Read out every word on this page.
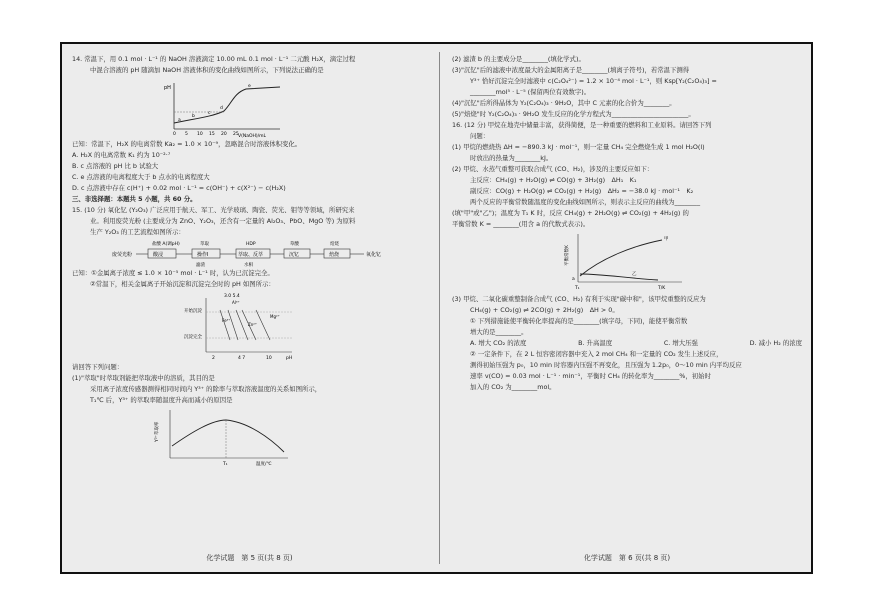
14. 常温下，用 0.1 mol · L⁻¹ 的 NaOH 溶液滴定 10.00 mL 0.1 mol · L⁻¹ 二元酸 H₂X，滴定过程
中混合溶液的 pH 随滴加 NaOH 溶液体积的变化曲线如图所示，下列说法正确的是
pH
V(NaOH)/mL
0 5 10 15 20 25
a
b
c
d
e
已知：常温下，H₂X 的电离常数 Ka₂ = 1.0 × 10⁻⁹，忽略混合时溶液体积变化。
A. H₂X 的电离常数 K₁ 约为 10⁻²·⁷
B. c 点溶液的 pH 比 b 试验大
C. e 点溶液的电离程度大于 b 点水的电离程度大
D. c 点溶液中存在 c(H⁺) + 0.02 mol · L⁻¹ = c(OH⁻) + c(X²⁻) − c(H₂X)
三、非选择题：本题共 5 小题，共 60 分。
15. (10 分) 氧化钇 (Y₂O₃) 广泛应用于航天、军工、光学玻璃、陶瓷、荧光、钼等等领域，所研究来
业。利用废荧光粉 (主要成分为 ZnO、Y₂O₃，还含有一定量的 Al₂O₃、PbO、MgO 等) 为原料
生产 Y₂O₃ 的工艺流程如图所示：
废荧光粉	酸浸	操作I	萃取、反萃	沉钇	焙烧	氧化钇
盐酸 A(调pH)	萃取	HDP	草酸	焙烧
滤渣	水相
已知：①金属离子浓度 ≤ 1.0 × 10⁻⁵ mol · L⁻¹ 时，认为已沉淀完全。
②常温下，相关金属离子开始沉淀和沉淀完全时的 pH 如图所示：
3.0 5.4
开始沉淀
沉淀完全
Fe³⁺
Al³⁺
Zn²⁺
Mg²⁺
2	4 7	10	pH
请回答下列问题：
(1)"萃取"时萃取剂能把萃取液中的溶质，其目的是
采用离子浓度传感器测得相同时间内 Y³⁺ 的除率与萃取溶液温度的关系如图所示，
T₁℃ 后，Y³⁺ 的萃取率随温度升高而减小的原因是
Y³⁺萃取率
T₁	温度/℃
化学试题　第 5 页(共 8 页)
(2) 滤渣 b 的主要成分是________(填化学式)。
(3)"沉钇"后的滤液中浓度最大的金属阳离子是________(填离子符号)，若常温下测得
Y³⁺ 恰好沉淀完全时滤液中 c(C₂O₄²⁻) = 1.2 × 10⁻⁴ mol · L⁻¹，则 Ksp[Y₂(C₂O₄)₃] =
________mol⁵ · L⁻⁵ (保留两位有效数字)。
(4)"沉钇"后所得晶体为 Y₂(C₂O₄)₃ · 9H₂O，其中 C 元素的化合价为________。
(5)"焙烧"时 Y₂(C₂O₄)₃ · 9H₂O 发生反应的化学方程式为________________________。
16. (12 分) 甲烷在地壳中储量丰富，获得简便，是一种重要的燃料和工业原料。请回答下列
问题：
(1) 甲烷的燃烧热 ΔH = −890.3 kJ · mol⁻¹，则一定量 CH₄ 完全燃烧生成 1 mol H₂O(l)
时放出的热量为________kJ。
(2) 甲烷、水蒸气重整可获取合成气 (CO、H₂)，涉及的主要反应如下：
主反应：CH₄(g) + H₂O(g) ⇌ CO(g) + 3H₂(g)　ΔH₁　K₁
副反应：CO(g) + H₂O(g) ⇌ CO₂(g) + H₂(g)　ΔH₂ = −38.0 kJ · mol⁻¹　K₂
两个反应的平衡常数随温度的变化曲线如图所示，则表示主反应的曲线为________
(填"甲"或"乙")；温度为 T₁ K 时，反应 CH₄(g) + 2H₂O(g) ⇌ CO₂(g) + 4H₂(g) 的
平衡常数 K = ________(用含 a 的代数式表示)。
甲
乙
平衡常数K
T₁
a
T/K
(3) 甲烷、二氧化碳重整制备合成气 (CO、H₂) 有利于实现"碳中和"，该甲烷重整的反应为
CH₄(g) + CO₂(g) ⇌ 2CO(g) + 2H₂(g)　ΔH > 0。
① 下列措施能使平衡转化率提高的是________(填字母，下同)，能使平衡常数
增大的是________。
A. 增大 CO₂ 的浓度	B. 升高温度	C. 增大压强	D. 减小 H₂ 的浓度
② 一定条件下，在 2 L 恒容密闭容器中充入 2 mol CH₄ 和一定量的 CO₂ 发生上述反应，
测得初始压强为 p₀，10 min 时容器内压强不再变化，且压强为 1.2p₀，0～10 min 内平均反应
速率 v(CO) = 0.03 mol · L⁻¹ · min⁻¹，平衡时 CH₄ 的转化率为________%，初始时
加入的 CO₂ 为________mol。
化学试题　第 6 页(共 8 页)
